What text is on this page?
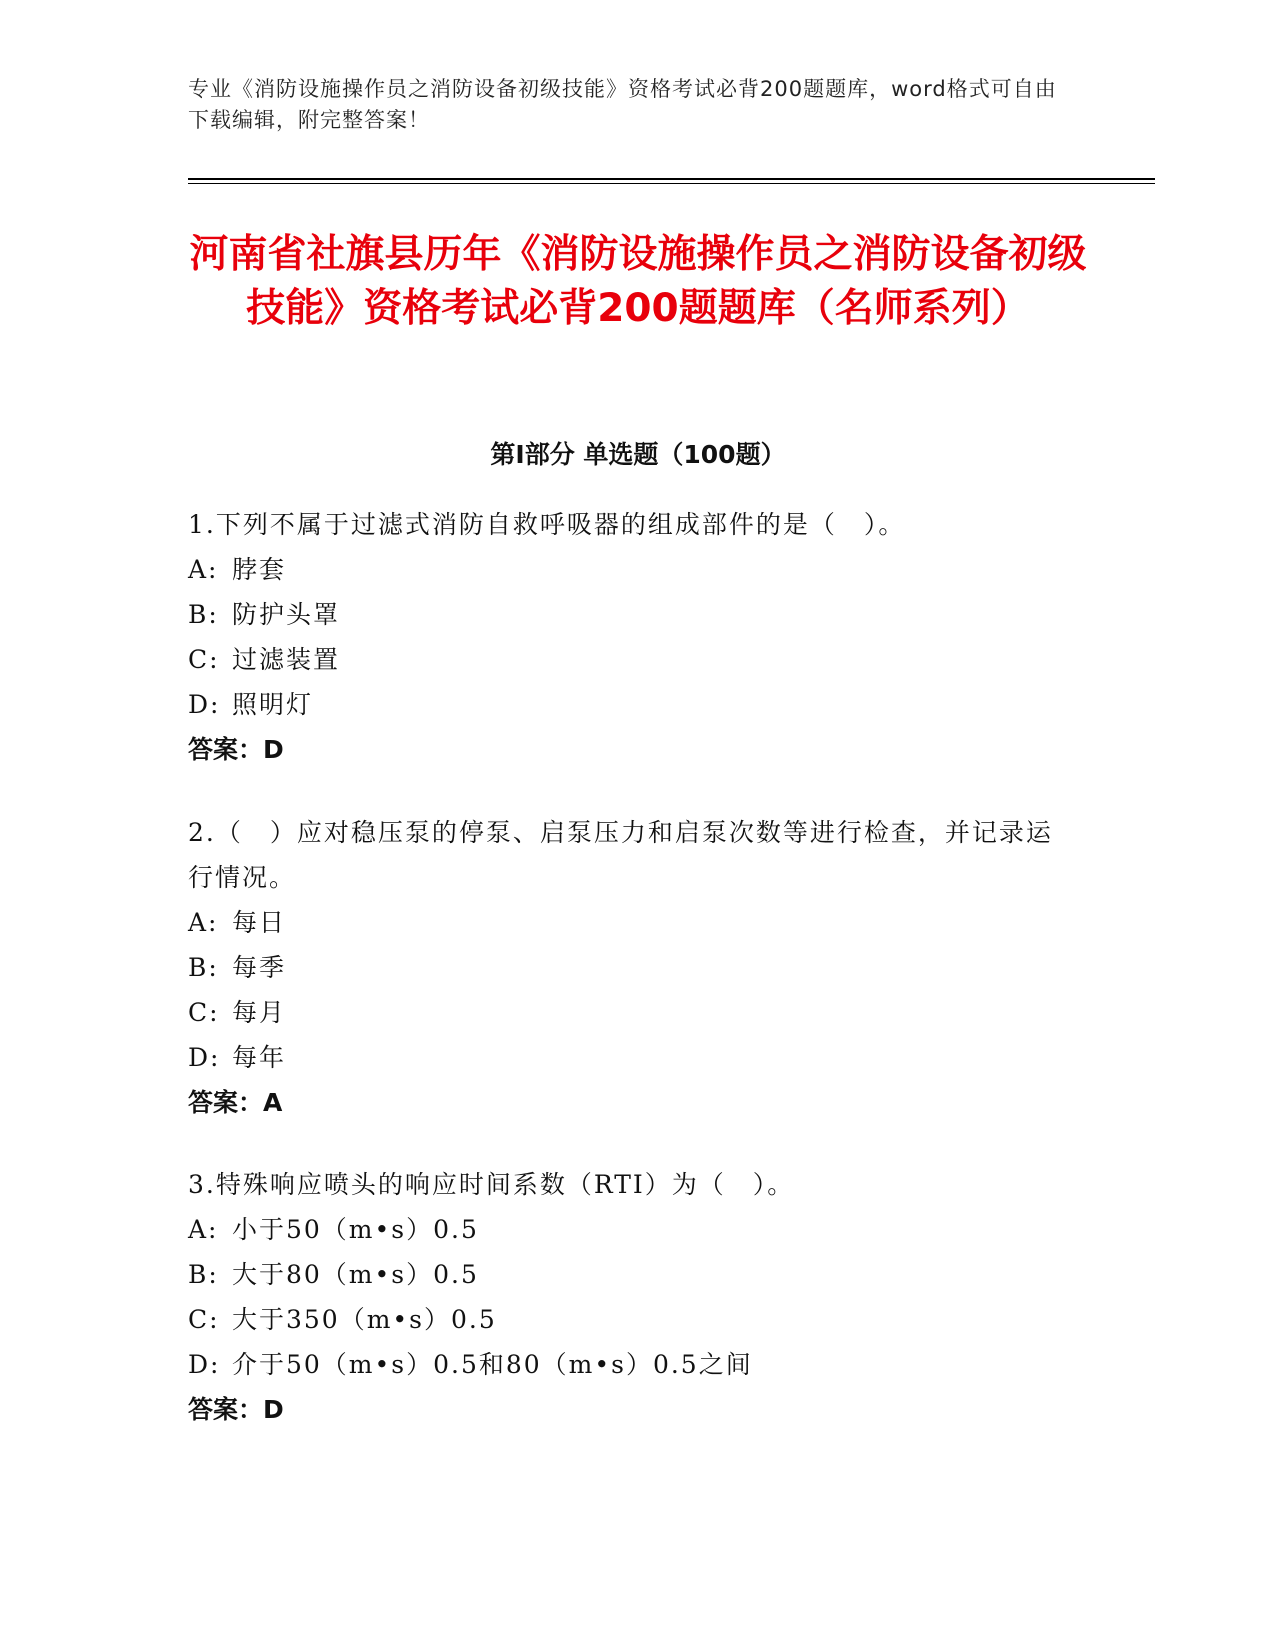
专业《消防设施操作员之消防设备初级技能》资格考试必背200题题库，word格式可自由下载编辑，附完整答案！
河南省社旗县历年《消防设施操作员之消防设备初级技能》资格考试必背200题题库（名师系列）
第Ⅰ部分 单选题（100题）
1.下列不属于过滤式消防自救呼吸器的组成部件的是（　）。
A: 脖套
B: 防护头罩
C: 过滤装置
D: 照明灯
答案：D
2.（　）应对稳压泵的停泵、启泵压力和启泵次数等进行检查，并记录运行情况。
A: 每日
B: 每季
C: 每月
D: 每年
答案：A
3.特殊响应喷头的响应时间系数（RTI）为（　）。
A: 小于50（m•s）0.5
B: 大于80（m•s）0.5
C: 大于350（m•s）0.5
D: 介于50（m•s）0.5和80（m•s）0.5之间
答案：D
